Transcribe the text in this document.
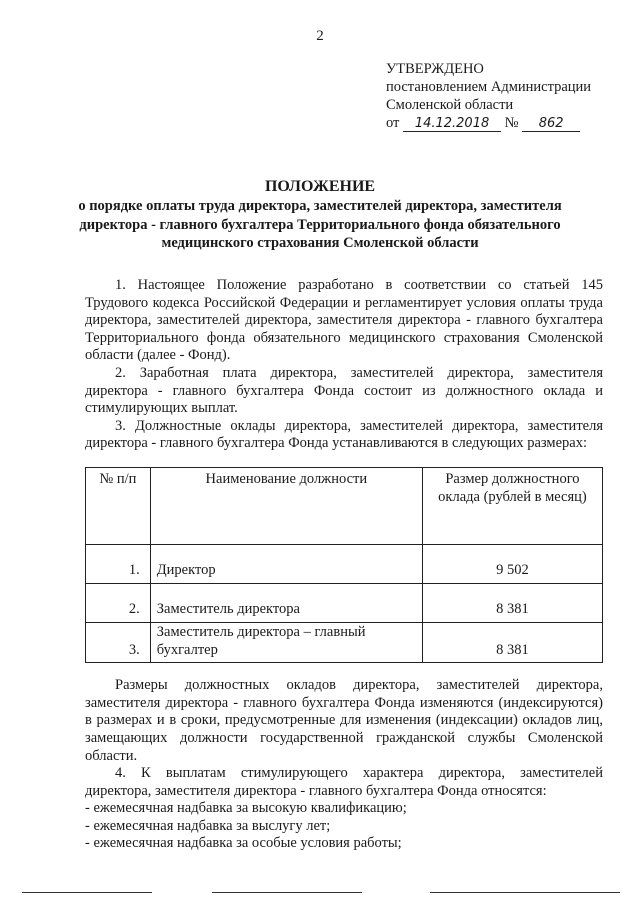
2
УТВЕРЖДЕНО
постановлением Администрации
Смоленской области
от 14.12.2018 № 862
ПОЛОЖЕНИЕ
о порядке оплаты труда директора, заместителей директора, заместителя директора - главного бухгалтера Территориального фонда обязательного медицинского страхования Смоленской области

1. Настоящее Положение разработано в соответствии со статьей 145 Трудового кодекса Российской Федерации и регламентирует условия оплаты труда директора, заместителей директора, заместителя директора - главного бухгалтера Территориального фонда обязательного медицинского страхования Смоленской области (далее - Фонд).

2. Заработная плата директора, заместителей директора, заместителя директора - главного бухгалтера Фонда состоит из должностного оклада и стимулирующих выплат.

3. Должностные оклады директора, заместителей директора, заместителя директора - главного бухгалтера Фонда устанавливаются в следующих размерах:

№ п/п	Наименование должности	Размер должностного оклада (рублей в месяц)
1.	Директор	9 502
2.	Заместитель директора	8 381
3.	Заместитель директора – главный бухгалтер	8 381

Размеры должностных окладов директора, заместителей директора, заместителя директора - главного бухгалтера Фонда изменяются (индексируются) в размерах и в сроки, предусмотренные для изменения (индексации) окладов лиц, замещающих должности государственной гражданской службы Смоленской области.

4. К выплатам стимулирующего характера директора, заместителей директора, заместителя директора - главного бухгалтера Фонда относятся:

- ежемесячная надбавка за высокую квалификацию;

- ежемесячная надбавка за выслугу лет;

- ежемесячная надбавка за особые условия работы;
